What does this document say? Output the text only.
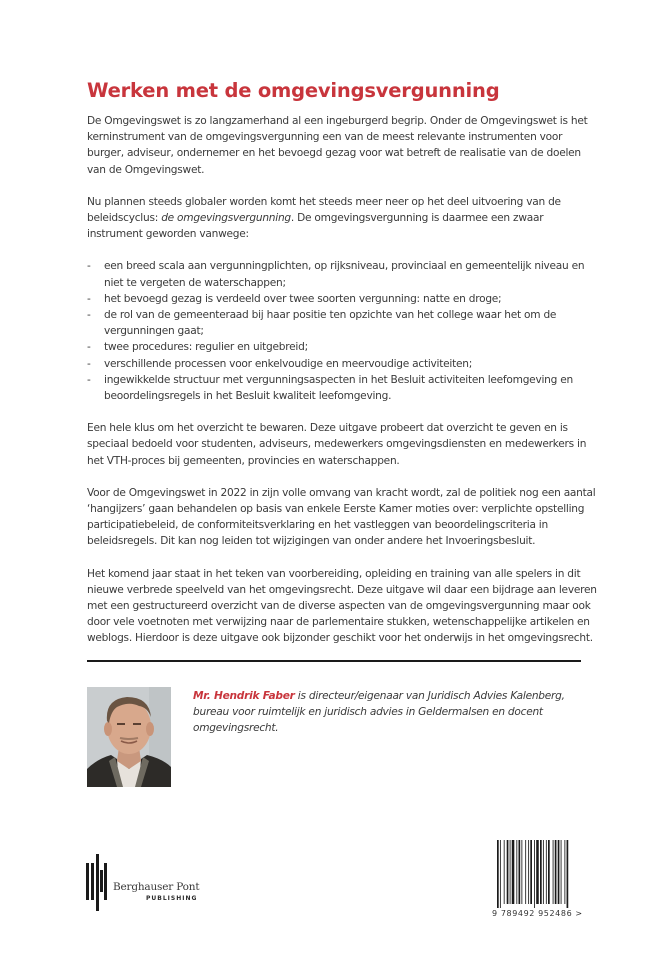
Werken met de omgevingsvergunning

De Omgevingswet is zo langzamerhand al een ingeburgerd begrip. Onder de Omgevingswet is het kerninstrument van de omgevingsvergunning een van de meest relevante instrumenten voor burger, adviseur, ondernemer en het bevoegd gezag voor wat betreft de realisatie van de doelen van de Omgevingswet.

Nu plannen steeds globaler worden komt het steeds meer neer op het deel uitvoering van de beleidscyclus: de omgevingsvergunning. De omgevingsvergunning is daarmee een zwaar instrument geworden vanwege:

- een breed scala aan vergunningplichten, op rijksniveau, provinciaal en gemeentelijk niveau en niet te vergeten de waterschappen;
- het bevoegd gezag is verdeeld over twee soorten vergunning: natte en droge;
- de rol van de gemeenteraad bij haar positie ten opzichte van het college waar het om de vergunningen gaat;
- twee procedures: regulier en uitgebreid;
- verschillende processen voor enkelvoudige en meervoudige activiteiten;
- ingewikkelde structuur met vergunningsaspecten in het Besluit activiteiten leefomgeving en beoordelingsregels in het Besluit kwaliteit leefomgeving.

Een hele klus om het overzicht te bewaren. Deze uitgave probeert dat overzicht te geven en is speciaal bedoeld voor studenten, adviseurs, medewerkers omgevingsdiensten en medewerkers in het VTH-proces bij gemeenten, provincies en waterschappen.

Voor de Omgevingswet in 2022 in zijn volle omvang van kracht wordt, zal de politiek nog een aantal ‘hangijzers’ gaan behandelen op basis van enkele Eerste Kamer moties over: verplichte opstelling participatiebeleid, de conformiteitsverklaring en het vastleggen van beoordelingscriteria in beleidsregels. Dit kan nog leiden tot wijzigingen van onder andere het Invoeringsbesluit.

Het komend jaar staat in het teken van voorbereiding, opleiding en training van alle spelers in dit nieuwe verbrede speelveld van het omgevingsrecht. Deze uitgave wil daar een bijdrage aan leveren met een gestructureerd overzicht van de diverse aspecten van de omgevingsvergunning maar ook door vele voetnoten met verwijzing naar de parlementaire stukken, wetenschappelijke artikelen en weblogs. Hierdoor is deze uitgave ook bijzonder geschikt voor het onderwijs in het omgevingsrecht.

Mr. Hendrik Faber is directeur/eigenaar van Juridisch Advies Kalenberg, bureau voor ruimtelijk en juridisch advies in Geldermalsen en docent omgevingsrecht.
Berghauser Pont
PUBLISHING
9 789492 952486 >
